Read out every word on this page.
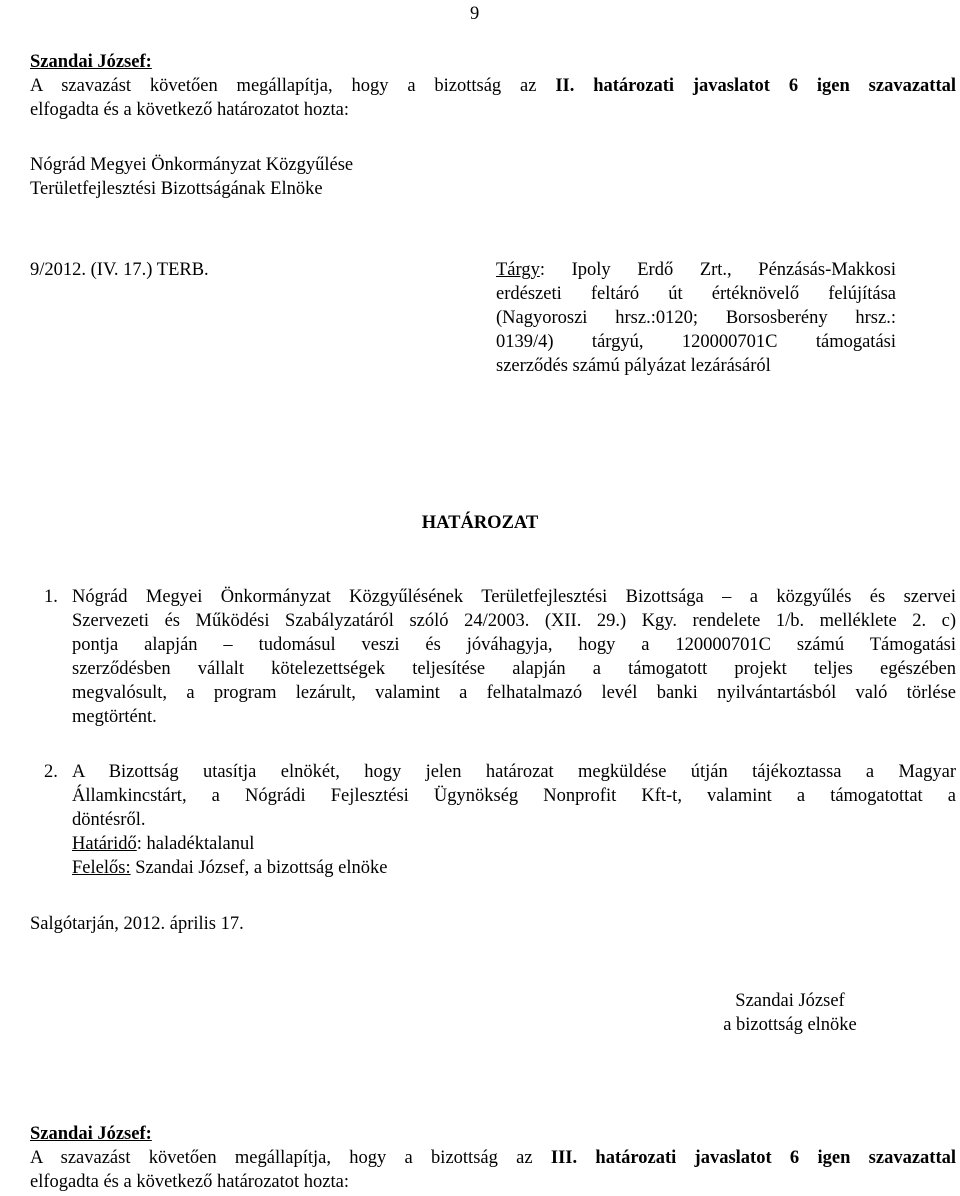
9

Szandai József:

A szavazást követően megállapítja, hogy a bizottság az II. határozati javaslatot 6 igen szavazattal

elfogadta és a következő határozatot hozta:

Nógrád Megyei Önkormányzat Közgyűlése

Területfejlesztési Bizottságának Elnöke

9/2012. (IV. 17.) TERB.	Tárgy: Ipoly Erdő Zrt., Pénzásás-Makkosi

erdészeti feltáró út értéknövelő felújítása

(Nagyoroszi hrsz.:0120; Borsosberény hrsz.:

0139/4) tárgyú, 120000701C támogatási

szerződés számú pályázat lezárásáról

HATÁROZAT
1. Nógrád Megyei Önkormányzat Közgyűlésének Területfejlesztési Bizottsága – a közgyűlés és szervei

Szervezeti és Működési Szabályzatáról szóló 24/2003. (XII. 29.) Kgy. rendelete 1/b. melléklete 2. c)

pontja alapján – tudomásul veszi és jóváhagyja, hogy a 120000701C számú Támogatási

szerződésben vállalt kötelezettségek teljesítése alapján a támogatott projekt teljes egészében

megvalósult, a program lezárult, valamint a felhatalmazó levél banki nyilvántartásból való törlése

megtörtént.

2. A Bizottság utasítja elnökét, hogy jelen határozat megküldése útján tájékoztassa a Magyar

Államkincstárt, a Nógrádi Fejlesztési Ügynökség Nonprofit Kft-t, valamint a támogatottat a

döntésről.

Határidő: haladéktalanul

Felelős: Szandai József, a bizottság elnöke

Salgótarján, 2012. április 17.

Szandai József

a bizottság elnöke

Szandai József:

A szavazást követően megállapítja, hogy a bizottság az III. határozati javaslatot 6 igen szavazattal

elfogadta és a következő határozatot hozta:
